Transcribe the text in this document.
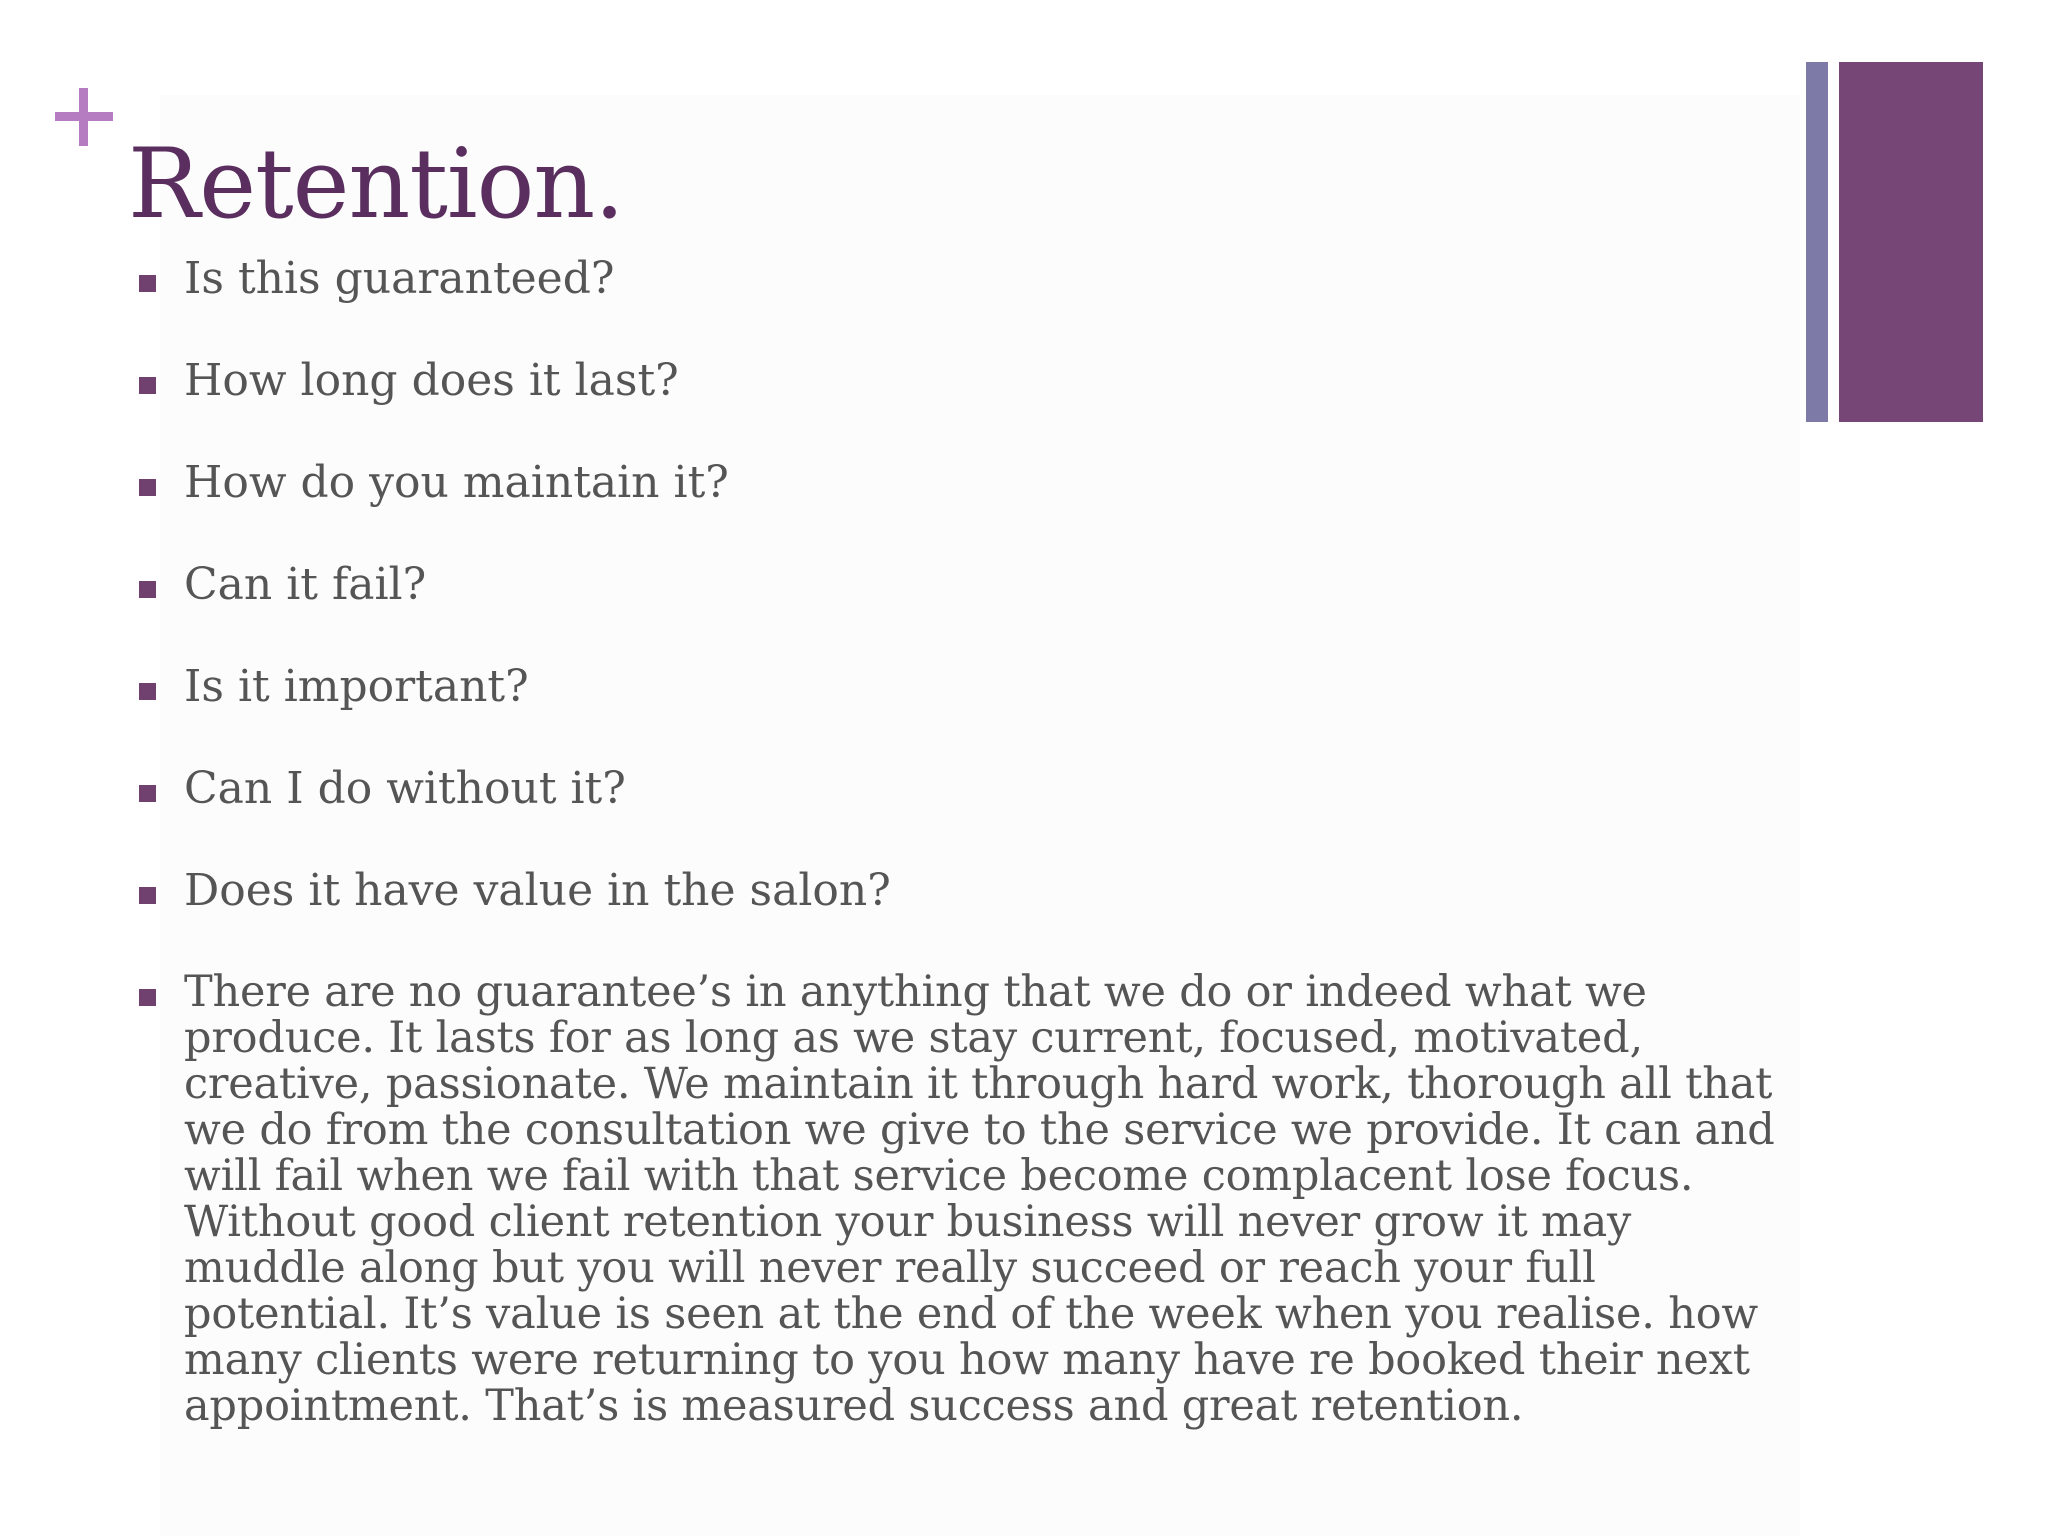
Retention.
Is this guaranteed?
How long does it last?
How do you maintain it?
Can it fail?
Is it important?
Can I do without it?
Does it have value in the salon?
There are no guarantee’s in anything that we do or indeed what we produce. It lasts for as long as we stay current, focused, motivated, creative, passionate. We maintain it through hard work, thorough all that we do from the consultation we give to the service we provide. It can and will fail when we fail with that service become complacent lose focus. Without good client retention your business will never grow it may muddle along but you will never really succeed or reach your full potential. It’s value is seen at the end of the week when you realise. how many clients were returning to you how many have re booked their next appointment. That’s is measured success and great retention.
